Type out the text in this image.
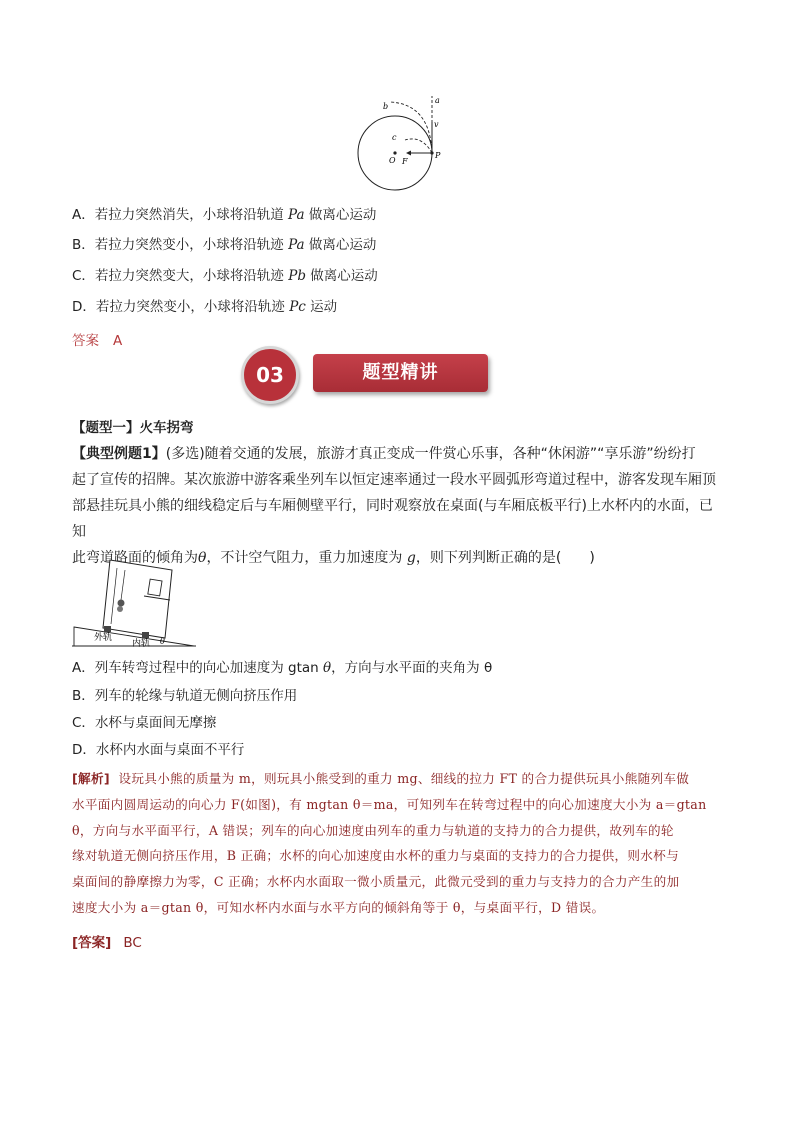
a
b
v
c
O F
P
A．若拉力突然消失，小球将沿轨道 Pa 做离心运动
B．若拉力突然变小，小球将沿轨迹 Pa 做离心运动
C．若拉力突然变大，小球将沿轨迹 Pb 做离心运动
D．若拉力突然变小，小球将沿轨迹 Pc 运动
答案 A
03	题型精讲
【题型一】火车拐弯
【典型例题1】(多选)随着交通的发展，旅游才真正变成一件赏心乐事，各种“休闲游”“享乐游”纷纷打
起了宣传的招牌。某次旅游中游客乘坐列车以恒定速率通过一段水平圆弧形弯道过程中，游客发现车厢顶
部悬挂玩具小熊的细线稳定后与车厢侧壁平行，同时观察放在桌面(与车厢底板平行)上水杯内的水面，已知
此弯道路面的倾角为θ，不计空气阻力，重力加速度为 g，则下列判断正确的是(　　)
外轨
内轨 θ
A．列车转弯过程中的向心加速度为 gtan θ，方向与水平面的夹角为 θ
B．列车的轮缘与轨道无侧向挤压作用
C．水杯与桌面间无摩擦
D．水杯内水面与桌面不平行
[解析] 设玩具小熊的质量为 m，则玩具小熊受到的重力 mg、细线的拉力 FT 的合力提供玩具小熊随列车做
水平面内圆周运动的向心力 F(如图)，有 mgtan θ＝ma，可知列车在转弯过程中的向心加速度大小为 a＝gtan
θ，方向与水平面平行，A 错误；列车的向心加速度由列车的重力与轨道的支持力的合力提供，故列车的轮
缘对轨道无侧向挤压作用，B 正确；水杯的向心加速度由水杯的重力与桌面的支持力的合力提供，则水杯与
桌面间的静摩擦力为零，C 正确；水杯内水面取一微小质量元，此微元受到的重力与支持力的合力产生的加
速度大小为 a＝gtan θ，可知水杯内水面与水平方向的倾斜角等于 θ，与桌面平行，D 错误。
[答案] BC
